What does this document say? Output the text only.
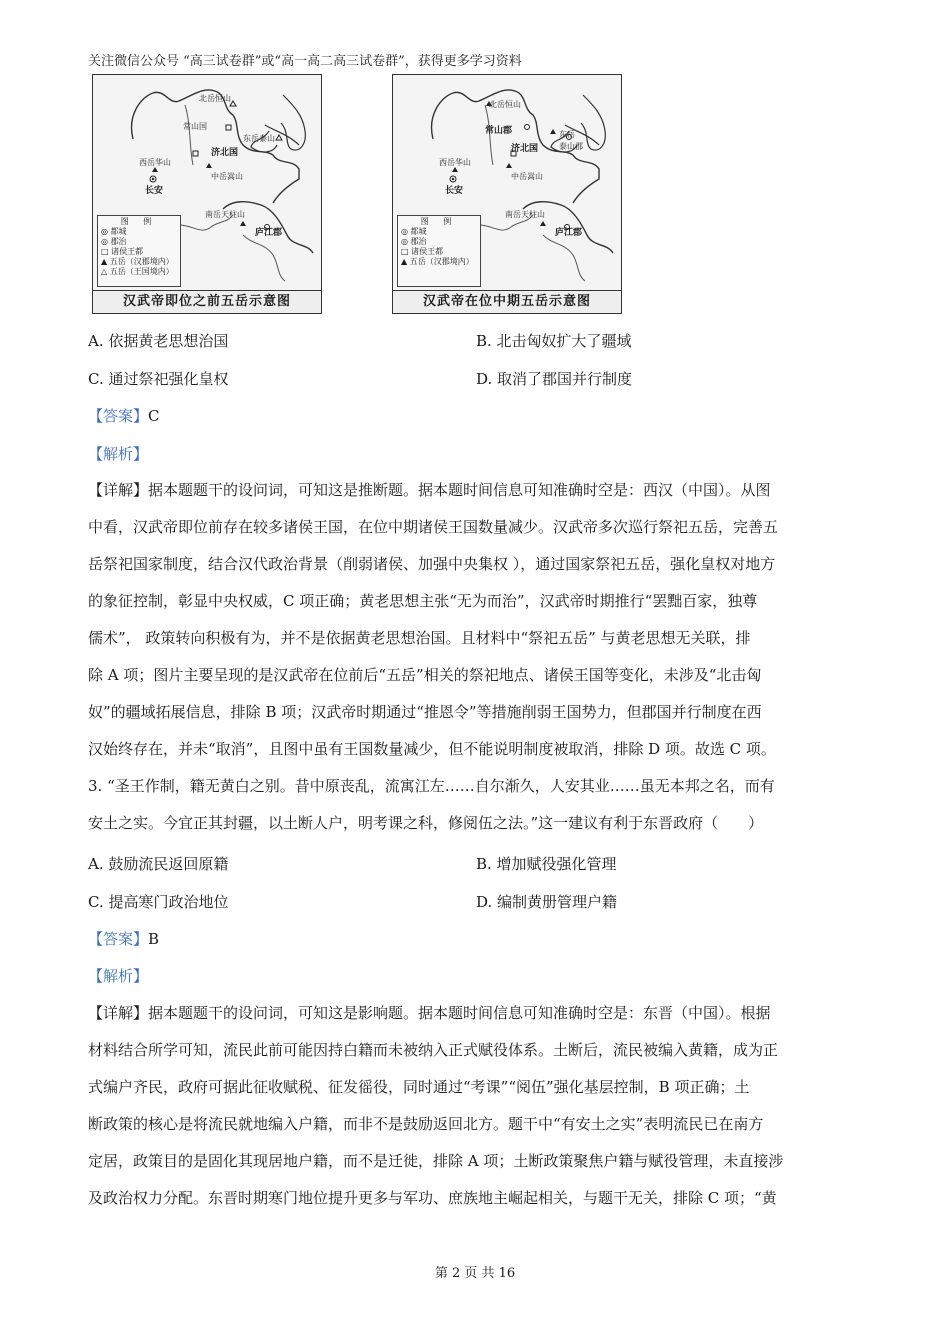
关注微信公众号 “高三试卷群”或“高一高二高三试卷群”，获得更多学习资料
北岳恒山
常山国
东岳泰山
济北国
西岳华山
长安
中岳嵩山
南岳天柱山
庐江郡
图 例
◎ 都城
◎ 郡治
□ 诸侯王都
▲ 五岳（汉郡境内）
△ 五岳（王国境内）
汉武帝即位之前五岳示意图
北岳恒山
常山郡	东岳
泰山郡
济北国
西岳华山
长安
中岳嵩山
南岳天柱山
庐江郡
图 例
◎ 都城
◎ 郡治
□ 诸侯王都
▲ 五岳（汉郡境内）
汉武帝在位中期五岳示意图
A. 依据黄老思想治国	B. 北击匈奴扩大了疆域
C. 通过祭祀强化皇权	D. 取消了郡国并行制度
【答案】C
【解析】
【详解】据本题题干的设问词，可知这是推断题。据本题时间信息可知准确时空是：西汉（中国）。从图
中看，汉武帝即位前存在较多诸侯王国，在位中期诸侯王国数量减少。汉武帝多次巡行祭祀五岳，完善五
岳祭祀国家制度，结合汉代政治背景（削弱诸侯、加强中央集权 ），通过国家祭祀五岳，强化皇权对地方
的象征控制，彰显中央权威，C 项正确；黄老思想主张“无为而治”，汉武帝时期推行“罢黜百家，独尊
儒术”， 政策转向积极有为，并不是依据黄老思想治国。且材料中“祭祀五岳” 与黄老思想无关联，排
除 A 项；图片主要呈现的是汉武帝在位前后“五岳”相关的祭祀地点、诸侯王国等变化，未涉及“北击匈
奴”的疆域拓展信息，排除 B 项；汉武帝时期通过“推恩令”等措施削弱王国势力，但郡国并行制度在西
汉始终存在，并未“取消”，且图中虽有王国数量减少，但不能说明制度被取消，排除 D 项。故选 C 项。
3. “圣王作制，籍无黄白之别。昔中原丧乱，流寓江左……自尔渐久，人安其业……虽无本邦之名，而有
安土之实。今宜正其封疆，以土断人户，明考课之科，修阅伍之法。”这一建议有利于东晋政府（　　）
A. 鼓励流民返回原籍	B. 增加赋役强化管理
C. 提高寒门政治地位	D. 编制黄册管理户籍
【答案】B
【解析】
【详解】据本题题干的设问词，可知这是影响题。据本题时间信息可知准确时空是：东晋（中国）。根据
材料结合所学可知，流民此前可能因持白籍而未被纳入正式赋役体系。土断后，流民被编入黄籍，成为正
式编户齐民，政府可据此征收赋税、征发徭役，同时通过“考课”“阅伍”强化基层控制，B 项正确；土
断政策的核心是将流民就地编入户籍，而非不是鼓励返回北方。题干中“有安土之实”表明流民已在南方
定居，政策目的是固化其现居地户籍，而不是迁徙，排除 A 项；土断政策聚焦户籍与赋役管理，未直接涉
及政治权力分配。东晋时期寒门地位提升更多与军功、庶族地主崛起相关，与题干无关，排除 C 项；“黄
第 2 页 共 16
